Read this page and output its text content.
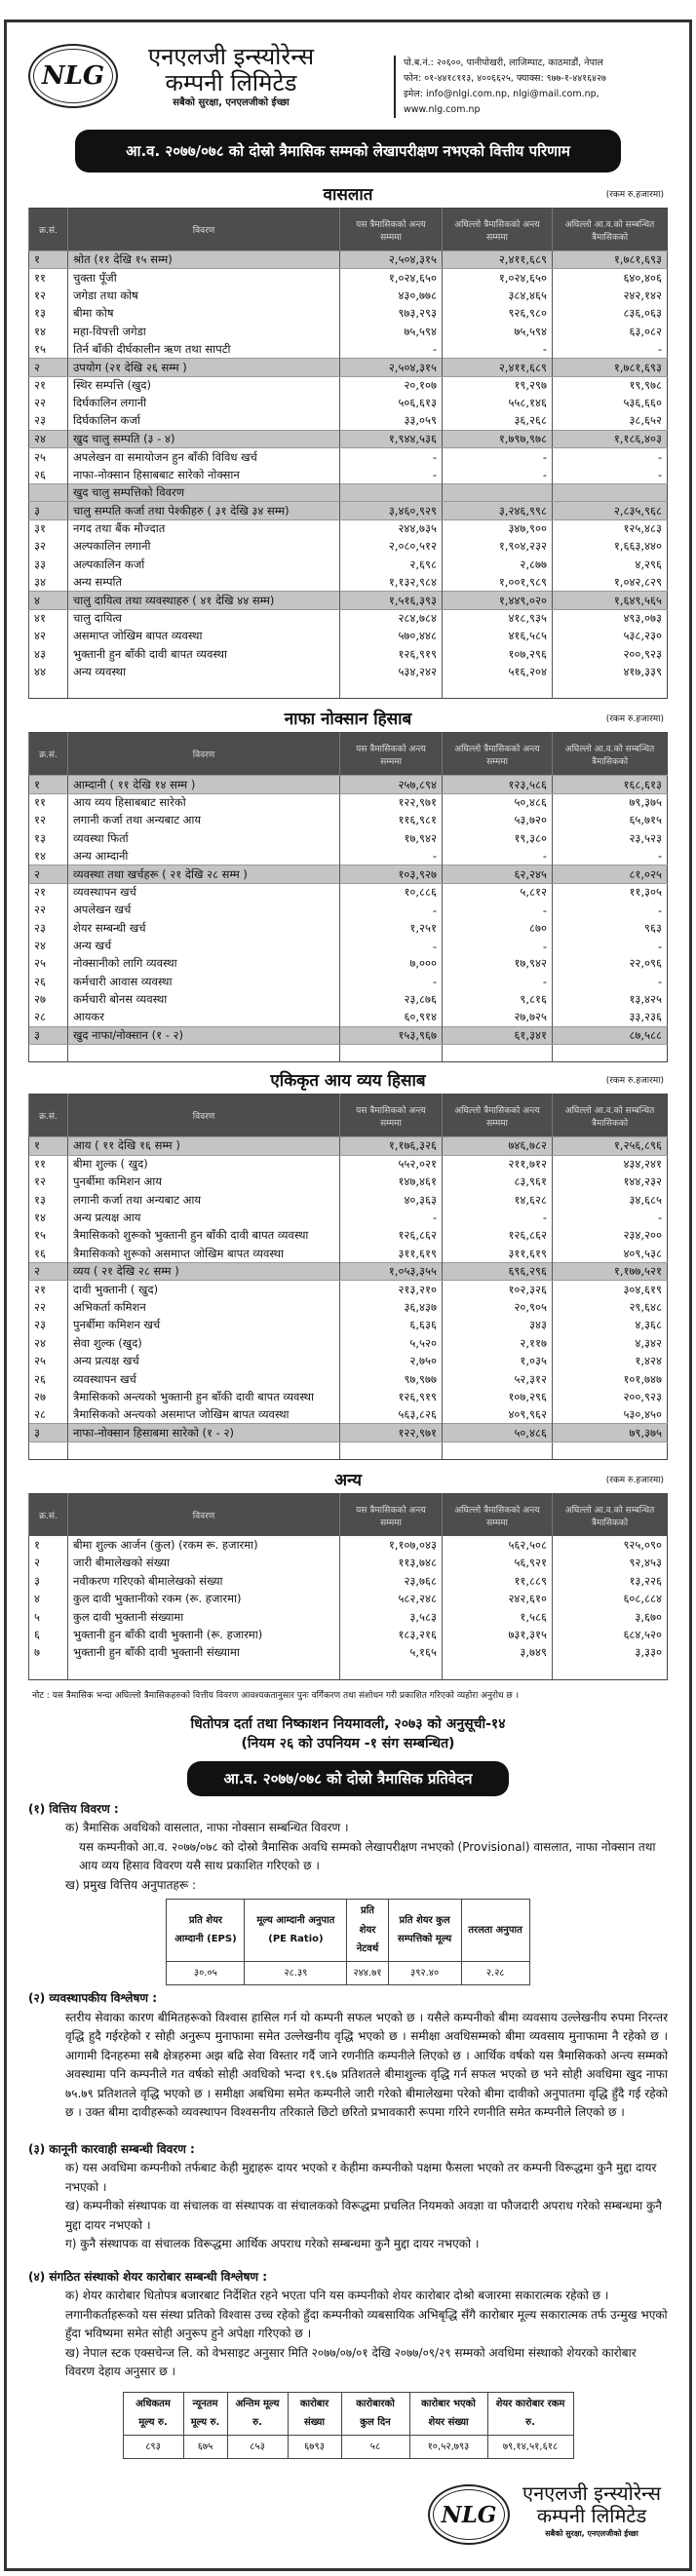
NLG
एनएलजी इन्स्योरेन्स
कम्पनी लिमिटेड
सबैको सुरक्षा, एनएलजीको ईच्छा
पो.ब.नं.: २०६००, पानीपोखरी, लाजिम्पाट, काठमाडौं, नेपाल
फोन: ०१-४४१८११३, ४००६६२५, फ्याक्स: ९७७-१-४४१६४२७
इमेल: info@nlgi.com.np, nlgi@mail.com.np, www.nlg.com.np
आ.व. २०७७/०७८ को दोस्रो त्रैमासिक सम्मको लेखापरीक्षण नभएको वित्तीय परिणाम
वासलात	(रकम रु.हजारमा)
क्र.सं.	विवरण	यस त्रैमासिकको अन्त्य सम्ममा	अघिल्लो त्रैमासिकको अन्त्य सम्ममा	अघिल्लो आ.व.को सम्बन्धित त्रैमासिकको
१	श्रोत (११ देखि १५ सम्म)	२,५०४,३१५	२,४११,६८९	१,७८१,६९३
११	चुक्ता पूँजी	१,०२४,६५०	१,०२४,६५०	६४०,४०६
१२	जगेडा तथा कोष	४३०,७७८	३८४,४६५	२४२,१४२
१३	बीमा कोष	९७३,२९३	९२६,९८०	८३६,०६३
१४	महा-विपत्ती जगेडा	७५,५९४	७५,५९४	६३,०८२
१५	तिर्न बाँकी दीर्घकालीन ऋण तथा सापटी	-	-	-
२	उपयोग (२१ देखि २६ सम्म )	२,५०४,३१५	२,४११,६८९	१,७८१,६९३
२१	स्थिर सम्पत्ति (खुद)	२०,१०७	१९,२९७	१९,९७८
२२	दिर्घकालिन लगानी	५०६,६१३	५५८,१४६	५३६,६६०
२३	दिर्घकालिन कर्जा	३३,०५९	३६,२६८	३८,६५२
२४	खुद चालु सम्पति (३ - ४)	१,९४४,५३६	१,७९७,९७८	१,१८६,४०३
२५	अपलेखन वा समायोजन हुन बाँकी विविध खर्च	-	-	-
२६	नाफा-नोक्सान हिसाबबाट सारेको नोक्सान	-	-	-
	खुद चालु सम्पत्तिको विवरण			
३	चालु सम्पति कर्जा तथा पेश्कीहरु ( ३१ देखि ३४ सम्म)	३,४६०,९२९	३,२४६,९९८	२,८३५,९६८
३१	नगद तथा बैंक मौज्दात	२४४,७३५	३४७,९००	१२५,४८३
३२	अल्पकालिन लगानी	२,०८०,५१२	१,९०४,२३२	१,६६३,४४०
३३	अल्पकालिन कर्जा	२,६९८	२,८७७	४,२९६
३४	अन्य सम्पति	१,१३२,९८४	१,००१,९८९	१,०४२,८२९
४	चालु दायित्व तथा व्यवस्थाहरु ( ४१ देखि ४४ सम्म)	१,५१६,३९३	१,४४९,०२०	१,६४९,५६५
४१	चालु दायित्व	२८४,७८४	४१८,९३५	४९३,०७३
४२	असमाप्त जोखिम बापत व्यवस्था	५७०,४४८	४१६,५८५	५३८,२३०
४३	भुक्तानी हुन बाँकी दावी बापत व्यवस्था	१२६,९१९	१०७,२९६	२००,९२३
४४	अन्य व्यवस्था	५३४,२४२	५१६,२०४	४१७,३३९

नाफा नोक्सान हिसाब	(रकम रु.हजारमा)
क्र.सं.	विवरण	यस त्रैमासिकको अन्त्य सम्ममा	अघिल्लो त्रैमासिकको अन्त्य सम्ममा	अघिल्लो आ.व.को सम्बन्धित त्रैमासिकको
१	आम्दानी ( ११ देखि १४ सम्म )	२५७,८९४	१२३,५८६	१६८,६१३
११	आय व्यय हिसाबबाट सारेको	१२२,९७१	५०,४८६	७९,३७५
१२	लगानी कर्जा तथा अन्यबाट आय	११६,९८१	५३,७२०	६५,७१५
१३	व्यवस्था फिर्ता	१७,९४२	१९,३८०	२३,५२३
१४	अन्य आम्दानी	-	-	-
२	व्यवस्था तथा खर्चहरू ( २१ देखि २८ सम्म )	१०३,९२७	६२,२४५	८१,०२५
२१	व्यवस्थापन खर्च	१०,८८६	५,८१२	११,३०५
२२	अपलेखन खर्च	-	-	-
२३	शेयर सम्बन्धी खर्च	१,२५१	८७०	९६३
२४	अन्य खर्च	-	-	-
२५	नोक्सानीको लागि व्यवस्था	७,०००	१७,९४२	२२,०९६
२६	कर्मचारी आवास व्यवस्था	-	-	-
२७	कर्मचारी बोनस व्यवस्था	२३,८७६	९,८१६	१३,४२५
२८	आयकर	६०,९१४	२७,७२५	३३,२३६
३	खुद नाफा/नोक्सान (१ - २)	१५३,९६७	६१,३४१	८७,५८८

एकिकृत आय व्यय हिसाब	(रकम रु.हजारमा)
क्र.सं.	विवरण	यस त्रैमासिकको अन्त्य सम्ममा	अघिल्लो त्रैमासिकको अन्त्य सम्ममा	अघिल्लो आ.व.को सम्बन्धित त्रैमासिकको
१	आय ( ११ देखि १६ सम्म )	१,१७६,३२६	७४६,७८२	१,२५६,८९६
११	बीमा शुल्क ( खुद)	५५२,०२१	२११,७१२	४३४,२४१
१२	पुनर्बीमा कमिशन आय	१४७,४६१	८३,९६१	१४४,२३२
१३	लगानी कर्जा तथा अन्यबाट आय	४०,३६३	१४,६२८	३४,६८५
१४	अन्य प्रत्यक्ष आय	-	-	-
१५	त्रैमासिकको शुरूको भुक्तानी हुन बाँकी दावी बापत व्यवस्था	१२६,८६२	१२६,८६२	२३४,२००
१६	त्रैमासिकको शुरूको असमाप्त जोखिम बापत व्यवस्था	३११,६१९	३११,६१९	४०९,५३८
२	व्यय ( २१ देखि २८ सम्म )	१,०५३,३५५	६९६,२९६	१,१७७,५२१
२१	दावी भुक्तानी ( खुद)	२१३,२१०	१०२,३२६	३०४,६१९
२२	अभिकर्ता कमिशन	३६,४३७	२०,९०५	२९,६४८
२३	पुनर्बीमा कमिशन खर्च	६,६३६	३४३	४,३६८
२४	सेवा शुल्क (खुद)	५,५२०	२,११७	४,३४२
२५	अन्य प्रत्यक्ष खर्च	२,७५०	१,०३५	१,४२४
२६	व्यवस्थापन खर्च	९७,९७७	५२,३१२	१०१,७४७
२७	त्रैमासिकको अन्त्यको भुक्तानी हुन बाँकी दावी बापत व्यवस्था	१२६,९१९	१०७,२९६	२००,९२३
२८	त्रैमासिकको अन्त्यको असमाप्त जोखिम बापत व्यवस्था	५६३,८२६	४०९,९६२	५३०,४५०
३	नाफा-नोक्सान हिसाबमा सारेको (१ - २)	१२२,९७१	५०,४८६	७९,३७५

अन्य	(रकम रु.हजारमा)
क्र.सं.	विवरण	यस त्रैमासिकको अन्त्य सम्ममा	अघिल्लो त्रैमासिकको अन्त्य सम्ममा	अघिल्लो आ.व.को सम्बन्धित त्रैमासिकको
१	बीमा शुल्क आर्जन (कुल) (रकम रू. हजारमा)	१,१०७,०४३	५६२,५०८	९२५,०९०
२	जारी बीमालेखको संख्या	११३,७४८	५६,९२१	९२,४५३
३	नवीकरण गरिएको बीमालेखको संख्या	२३,७६८	११,८८९	१३,२२६
४	कुल दावी भुक्तानीको रकम (रू. हजारमा)	५८२,२४८	२४२,६१०	६०८,८८४
५	कुल दावी भुक्तानी संख्यामा	३,५८३	१,५८६	३,६७०
६	भुक्तानी हुन बाँकी दावी भुक्तानी (रू. हजारमा)	१८३,२१६	७३१,३१५	६८४,५२०
७	भुक्तानी हुन बाँकी दावी भुक्तानी संख्यामा	५,१६५	३,७४९	३,३३०

नोट : यस त्रैमासिक भन्दा अघिल्लो त्रैमासिकहरुको वित्तीय विवरण आवश्यकतानुसार पुनः वर्गिकरण तथा संशोधन गरी प्रकाशित गरिएको व्यहोरा अनुरोध छ ।
धितोपत्र दर्ता तथा निष्काशन नियमावली, २०७३ को अनुसूची-१४
(नियम २६ को उपनियम -१ संग सम्बन्धित)
आ.व. २०७७/०७८ को दोस्रो त्रैमासिक प्रतिवेदन
(१) वित्तिय विवरण :
क) त्रैमासिक अवधिको वासलात, नाफा नोक्सान सम्बन्धित विवरण ।
यस कम्पनीको आ.व. २०७७/०७८ को दोस्रो त्रैमासिक अवधि सम्मको लेखापरीक्षण नभएको (Provisional) वासलात, नाफा नोक्सान तथा आय व्यय हिसाव विवरण यसै साथ प्रकाशित गरिएको छ ।
ख) प्रमुख वित्तिय अनुपातहरू :
प्रति शेयर आम्दानी (EPS)	मूल्य आम्दानी अनुपात (PE Ratio)	प्रति शेयर नेटवर्थ	प्रति शेयर कुल सम्पत्तिको मूल्य	तरलता अनुपात
३०.०५	२८.३९	२४४.७१	३९२.४०	२.२८
(२) व्यवस्थापकीय विश्लेषण :
स्तरीय सेवाका कारण बीमितहरूको विश्वास हासिल गर्न यो कम्पनी सफल भएको छ । यसैले कम्पनीको बीमा व्यवसाय उल्लेखनीय रुपमा निरन्तर वृद्धि हुदै गईरहेको र सोही अनुरूप मुनाफामा समेत उल्लेखनीय वृद्धि भएको छ । समीक्षा अवधिसम्मको बीमा व्यवसाय मुनाफामा नै रहेको छ । आगामी दिनहरुमा सबै क्षेत्रहरुमा अझ बढि सेवा विस्तार गर्दै जाने रणनीति कम्पनीले लिएको छ । आर्थिक वर्षको यस त्रैमासिकको अन्त्य सम्मको अवस्थामा पनि कम्पनीले गत वर्षको सोही अवधिको भन्दा १९.६७ प्रतिशतले बीमाशुल्क वृद्धि गर्न सफल भएको छ भने सोही अवधिमा खुद नाफा ७५.७९ प्रतिशतले वृद्धि भएको छ । समीक्षा अबधिमा समेत कम्पनीले जारी गरेको बीमालेखमा परेको बीमा दावीको अनुपातमा वृद्धि हुँदै गई रहेको छ । उक्त बीमा दावीहरूको व्यवस्थापन विश्वसनीय तरिकाले छिटो छरितो प्रभावकारी रूपमा गरिने रणनीति समेत कम्पनीले लिएको छ ।
(३) कानूनी कारवाही सम्बन्धी विवरण :
क) यस अवधिमा कम्पनीको तर्फबाट केही मुद्दाहरू दायर भएको र केहीमा कम्पनीको पक्षमा फैसला भएको तर कम्पनी विरूद्धमा कुनै मुद्दा दायर नभएको ।
ख) कम्पनीको संस्थापक वा संचालक वा संस्थापक वा संचालकको विरूद्धमा प्रचलित नियमको अवज्ञा वा फौजदारी अपराध गरेको सम्बन्धमा कुनै मुद्दा दायर नभएको ।
ग) कुनै संस्थापक वा संचालक विरूद्धमा आर्थिक अपराध गरेको सम्बन्धमा कुनै मुद्दा दायर नभएको ।
(४) संगठित संस्थाको शेयर कारोबार सम्बन्धी विश्लेषण :
क) शेयर कारोबार धितोपत्र बजारबाट निर्देशित रहने भएता पनि यस कम्पनीको शेयर कारोबार दोश्रो बजारमा सकारात्मक रहेको छ । लगानीकर्ताहरूको यस संस्था प्रतिको विश्वास उच्च रहेको हुँदा कम्पनीको व्यबसायिक अभिबृद्धि सँगै कारोबार मूल्य सकारात्मक तर्फ उन्मुख भएको हुँदा भविष्यमा समेत सोही अनुरूप हुने अपेक्षा गरिएको छ ।
ख) नेपाल स्टक एक्सचेन्ज लि. को वेभसाइट अनुसार मिति २०७७/०७/०१ देखि २०७७/०९/२९ सम्मको अवधिमा संस्थाको शेयरको कारोबार विवरण देहाय अनुसार छ ।
अधिकतम मूल्य रु.	न्यूनतम मूल्य रु.	अन्तिम मूल्य रु.	कारोबार संख्या	कारोबारको कुल दिन	कारोबार भएको शेयर संख्या	शेयर कारोबार रकम रु.
८९३	६७५	८५३	६७९३	५८	१०,५२,७९३	७९,१४,५१,६१८
NLG
एनएलजी इन्स्योरेन्स
कम्पनी लिमिटेड
सबैको सुरक्षा, एनएलजीको ईच्छा
